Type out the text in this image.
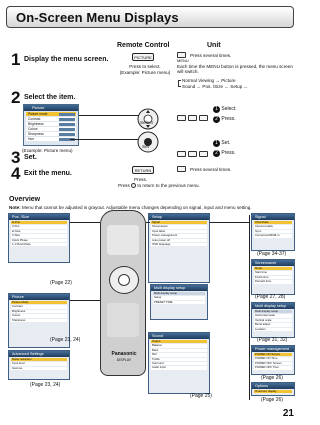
On-Screen Menu Displays
Remote Control	Unit
1 Display the menu screen.	PICTURE
Press to select.
(Example: Picture menu)
MENU
Press several times.
Each time the MENU button is pressed, the menu screen will switch.
Normal Viewing → Picture
Sound ← Pos. /Size ← Setup ←
2 Select the item.
Picture
Picture mode
Contrast
Brightness
Colour
Sharpness
Hue
(Example: Picture menu)
Select
1 Select.
2 Press.
3 Set.
Set
1 Set.
2 Press.
4 Exit the menu.	RETURN
Press.
Press to return to the previous menu.
Press several times.
Overview
Note: Menu that cannot be adjusted is grayout. Adjustable menu changes depending on signal, input and menu setting.
Pos. /Size
H-Pos
V-Pos
H-Size
V-Size
Clock Phase
1:1 Pixel Mode
(Page 22)
Picture
Picture Mode
Contrast
Brightness
Colour
Sharpness
(Page 23, 24)
Advanced Settings
Noise reduction
Input level
Gamma
(Page 23, 24)
Panasonic
DISPLAY
Setup
Signal
Screensaver
Input label
Power management
Auto power off
OSD language
Multi display setup
Multi display setup
Setup
PRESET TIME
Sound
Output
Balance
Bass
Mid
Treble
Surround
Audio input
(Page 25)
Signal
XGA Mode
Cinema reality
Sync
Component/RGB-in
(Page 34-37)
Screensaver
Mode
Start time
Finish time
Periodic time
(Page 27, 28)
Multi display setup
Multi display setup
Horizontal scale
Vertical scale
Bezel adjust
Location
(Page 31, 32)
Power management
POWER ON Screen
POWER ON Time
POWER OFF Screen
POWER OFF Time
(Page 26)
Options
Onscreen display
(Page 26)
21
